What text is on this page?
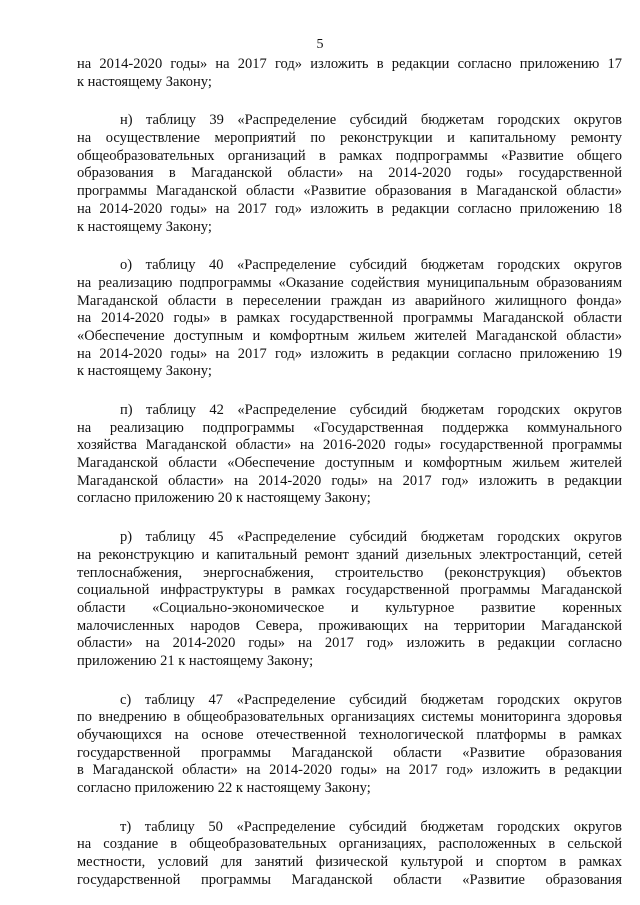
5
на 2014-2020 годы» на 2017 год» изложить в редакции согласно приложению 17
к настоящему Закону;
н) таблицу 39 «Распределение субсидий бюджетам городских округов
на осуществление мероприятий по реконструкции и капитальному ремонту
общеобразовательных организаций в рамках подпрограммы «Развитие общего
образования в Магаданской области» на 2014-2020 годы» государственной
программы Магаданской области «Развитие образования в Магаданской области»
на 2014-2020 годы» на 2017 год» изложить в редакции согласно приложению 18
к настоящему Закону;
о) таблицу 40 «Распределение субсидий бюджетам городских округов
на реализацию подпрограммы «Оказание содействия муниципальным образованиям
Магаданской области в переселении граждан из аварийного жилищного фонда»
на 2014-2020 годы» в рамках государственной программы Магаданской области
«Обеспечение доступным и комфортным жильем жителей Магаданской области»
на 2014-2020 годы» на 2017 год» изложить в редакции согласно приложению 19
к настоящему Закону;
п) таблицу 42 «Распределение субсидий бюджетам городских округов
на реализацию подпрограммы «Государственная поддержка коммунального
хозяйства Магаданской области» на 2016-2020 годы» государственной программы
Магаданской области «Обеспечение доступным и комфортным жильем жителей
Магаданской области» на 2014-2020 годы» на 2017 год» изложить в редакции
согласно приложению 20 к настоящему Закону;
р) таблицу 45 «Распределение субсидий бюджетам городских округов
на реконструкцию и капитальный ремонт зданий дизельных электростанций, сетей
теплоснабжения, энергоснабжения, строительство (реконструкция) объектов
социальной инфраструктуры в рамках государственной программы Магаданской
области «Социально-экономическое и культурное развитие коренных
малочисленных народов Севера, проживающих на территории Магаданской
области» на 2014-2020 годы» на 2017 год» изложить в редакции согласно
приложению 21 к настоящему Закону;
с) таблицу 47 «Распределение субсидий бюджетам городских округов
по внедрению в общеобразовательных организациях системы мониторинга здоровья
обучающихся на основе отечественной технологической платформы в рамках
государственной программы Магаданской области «Развитие образования
в Магаданской области» на 2014-2020 годы» на 2017 год» изложить в редакции
согласно приложению 22 к настоящему Закону;
т) таблицу 50 «Распределение субсидий бюджетам городских округов
на создание в общеобразовательных организациях, расположенных в сельской
местности, условий для занятий физической культурой и спортом в рамках
государственной программы Магаданской области «Развитие образования
